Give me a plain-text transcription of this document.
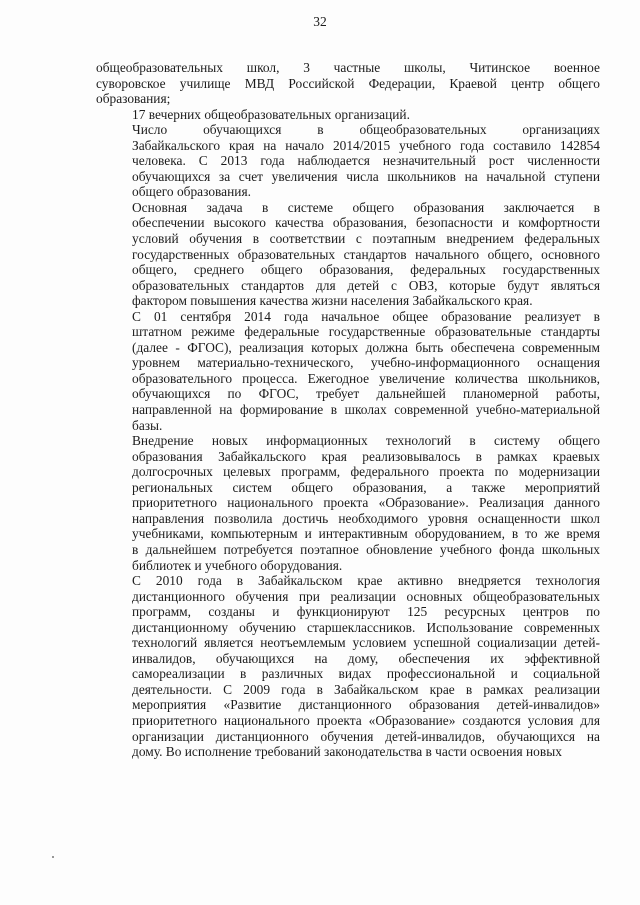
32
общеобразовательных школ, 3 частные школы, Читинское военное
суворовское училище МВД Российской Федерации, Краевой центр общего
образования;
17 вечерних общеобразовательных организаций.
Число обучающихся в общеобразовательных организациях
Забайкальского края на начало 2014/2015 учебного года составило 142854
человека. С 2013 года наблюдается незначительный рост численности
обучающихся за счет увеличения числа школьников на начальной ступени
общего образования.
Основная задача в системе общего образования заключается в
обеспечении высокого качества образования, безопасности и комфортности
условий обучения в соответствии с поэтапным внедрением федеральных
государственных образовательных стандартов начального общего, основного
общего, среднего общего образования, федеральных государственных
образовательных стандартов для детей с ОВЗ, которые будут являться
фактором повышения качества жизни населения Забайкальского края.
С 01 сентября 2014 года начальное общее образование реализует в
штатном режиме федеральные государственные образовательные стандарты
(далее - ФГОС), реализация которых должна быть обеспечена современным
уровнем материально-технического, учебно-информационного оснащения
образовательного процесса. Ежегодное увеличение количества школьников,
обучающихся по ФГОС, требует дальнейшей планомерной работы,
направленной на формирование в школах современной учебно-материальной
базы.
Внедрение новых информационных технологий в систему общего
образования Забайкальского края реализовывалось в рамках краевых
долгосрочных целевых программ, федерального проекта по модернизации
региональных систем общего образования, а также мероприятий
приоритетного национального проекта «Образование». Реализация данного
направления позволила достичь необходимого уровня оснащенности школ
учебниками, компьютерным и интерактивным оборудованием, в то же время
в дальнейшем потребуется поэтапное обновление учебного фонда школьных
библиотек и учебного оборудования.
С 2010 года в Забайкальском крае активно внедряется технология
дистанционного обучения при реализации основных общеобразовательных
программ, созданы и функционируют 125 ресурсных центров по
дистанционному обучению старшеклассников. Использование современных
технологий является неотъемлемым условием успешной социализации детей-
инвалидов, обучающихся на дому, обеспечения их эффективной
самореализации в различных видах профессиональной и социальной
деятельности. С 2009 года в Забайкальском крае в рамках реализации
мероприятия «Развитие дистанционного образования детей-инвалидов»
приоритетного национального проекта «Образование» создаются условия для
организации дистанционного обучения детей-инвалидов, обучающихся на
дому. Во исполнение требований законодательства в части освоения новых
